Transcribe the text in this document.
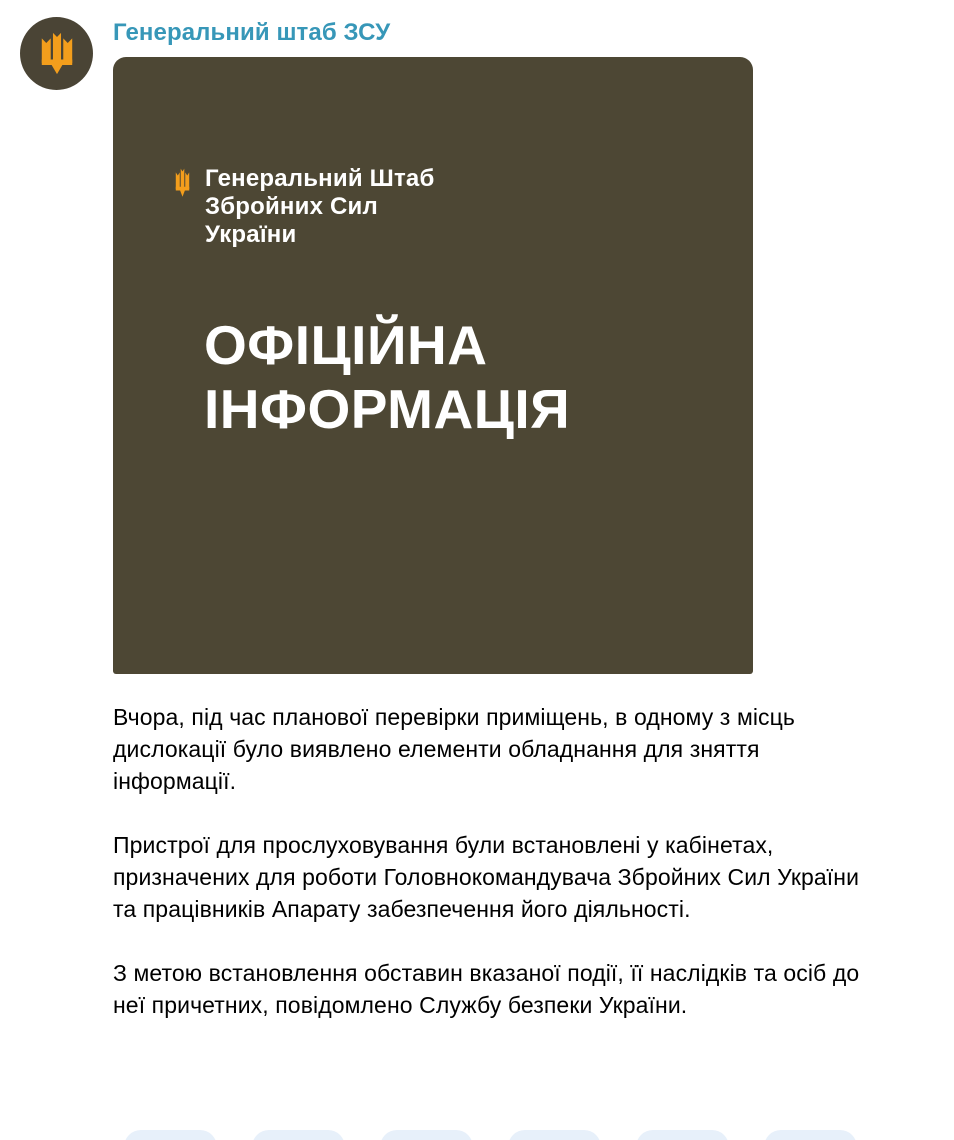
Генеральний штаб ЗСУ
Генеральний Штаб
Збройних Сил
України
ОФІЦІЙНА
ІНФОРМАЦІЯ

Вчора, під час планової перевірки приміщень, в одному з місць дислокації було виявлено елементи обладнання для зняття інформації.

Пристрої для прослуховування були встановлені у кабінетах, призначених для роботи Головнокомандувача Збройних Сил України та працівників Апарату забезпечення його діяльності.

З метою встановлення обставин вказаної події, її наслідків та осіб до неї причетних, повідомлено Службу безпеки України.
